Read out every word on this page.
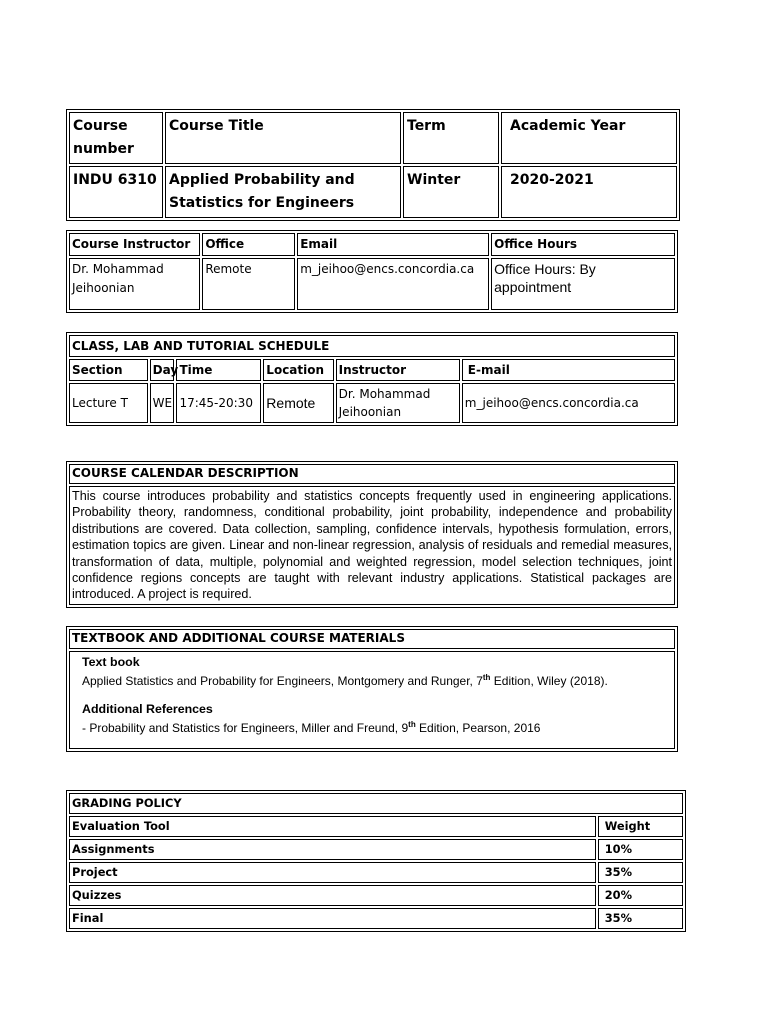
Course number	Course Title	Term	Academic Year
INDU 6310	Applied Probability and Statistics for Engineers	Winter	2020-2021
Course Instructor	Office	Email	Office Hours
Dr. Mohammad Jeihoonian	Remote	m_jeihoo@encs.concordia.ca	Office Hours: By appointment
CLASS, LAB AND TUTORIAL SCHEDULE					
Section	Day	Time	Location	Instructor	E-mail
Lecture T	WE	17:45-20:30	Remote	Dr. Mohammad Jeihoonian	m_jeihoo@encs.concordia.ca
COURSE CALENDAR DESCRIPTION
This course introduces probability and statistics concepts frequently used in engineering applications. Probability theory, randomness, conditional probability, joint probability, independence and probability distributions are covered. Data collection, sampling, confidence intervals, hypothesis formulation, errors, estimation topics are given. Linear and non-linear regression, analysis of residuals and remedial measures, transformation of data, multiple, polynomial and weighted regression, model selection techniques, joint confidence regions concepts are taught with relevant industry applications. Statistical packages are introduced. A project is required.
TEXTBOOK AND ADDITIONAL COURSE MATERIALS

Text book
Applied Statistics and Probability for Engineers, Montgomery and Runger, 7th Edition, Wiley (2018).
Additional References
- Probability and Statistics for Engineers, Miller and Freund, 9th Edition, Pearson, 2016
GRADING POLICY	
Evaluation Tool	Weight
Assignments	10%
Project	35%
Quizzes	20%
Final	35%
